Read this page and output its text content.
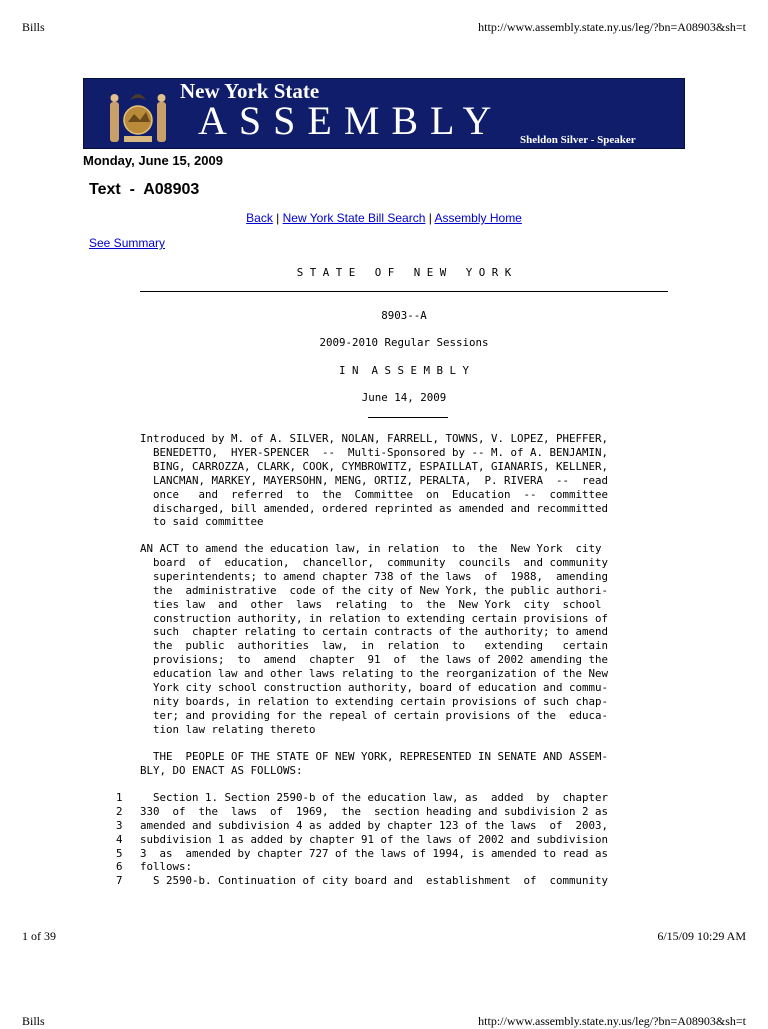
Bills	http://www.assembly.state.ny.us/leg/?bn=A08903&sh=t
New York State
ASSEMBLY Sheldon Silver - Speaker
Monday, June 15, 2009
Text  -  A08903
Back | New York State Bill Search | Assembly Home
See Summary
S T A T E   O F   N E W   Y O R K
8903--A
2009-2010 Regular Sessions
I N  A S S E M B L Y
June 14, 2009
Introduced by M. of A. SILVER, NOLAN, FARRELL, TOWNS, V. LOPEZ, PHEFFER,
BENEDETTO,  HYER-SPENCER  --  Multi-Sponsored by -- M. of A. BENJAMIN,
BING, CARROZZA, CLARK, COOK, CYMBROWITZ, ESPAILLAT, GIANARIS, KELLNER,
LANCMAN, MARKEY, MAYERSOHN, MENG, ORTIZ, PERALTA,  P. RIVERA  --  read
once   and  referred  to  the  Committee  on  Education  --  committee
discharged, bill amended, ordered reprinted as amended and recommitted
to said committee
AN ACT to amend the education law, in relation  to  the  New York  city
board  of  education,  chancellor,  community  councils  and community
superintendents; to amend chapter 738 of the laws  of  1988,  amending
the  administrative  code of the city of New York, the public authori-
ties law  and  other  laws  relating  to  the  New York  city  school
construction authority, in relation to extending certain provisions of
such  chapter relating to certain contracts of the authority; to amend
the  public  authorities  law,  in  relation  to   extending   certain
provisions;  to  amend  chapter  91  of  the laws of 2002 amending the
education law and other laws relating to the reorganization of the New
York city school construction authority, board of education and commu-
nity boards, in relation to extending certain provisions of such chap-
ter; and providing for the repeal of certain provisions of the  educa-
tion law relating thereto
THE  PEOPLE OF THE STATE OF NEW YORK, REPRESENTED IN SENATE AND ASSEM-
BLY, DO ENACT AS FOLLOWS:
1 Section 1. Section 2590-b of the education law, as  added  by  chapter
2 330  of  the  laws  of  1969,  the  section heading and subdivision 2 as
3 amended and subdivision 4 as added by chapter 123 of the laws  of  2003,
4 subdivision 1 as added by chapter 91 of the laws of 2002 and subdivision
5 3  as  amended by chapter 727 of the laws of 1994, is amended to read as
6 follows:
7 S 2590-b. Continuation of city board and  establishment  of  community
1 of 39	6/15/09 10:29 AM
Bills	http://www.assembly.state.ny.us/leg/?bn=A08903&sh=t
